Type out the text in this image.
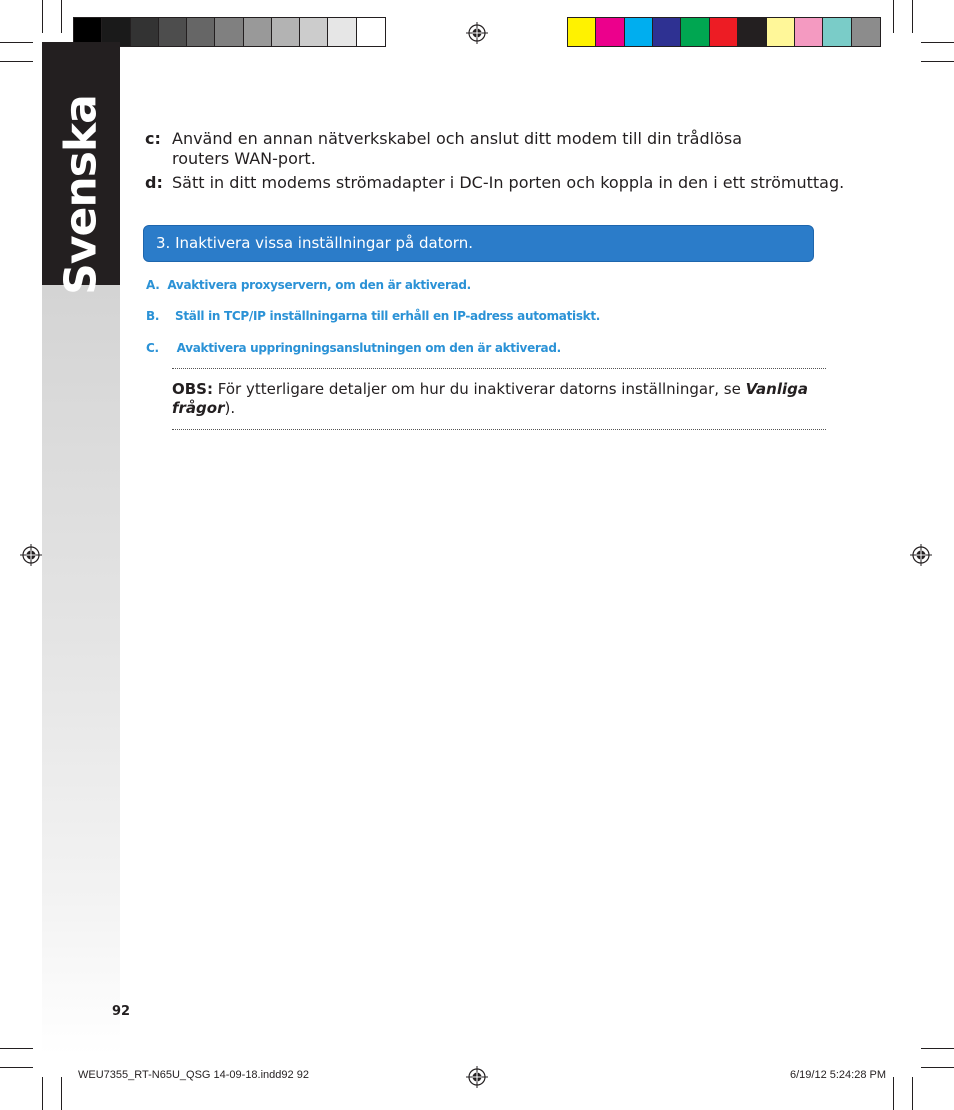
Svenska c: Använd en annan nätverkskabel och anslut ditt modem till din trådlösa routers WAN-port.
d: Sätt in ditt modems strömadapter i DC-In porten och koppla in den i ett strömuttag.
3. Inaktivera vissa inställningar på datorn.
A. Avaktivera proxyservern, om den är aktiverad.
B. Ställ in TCP/IP inställningarna till erhåll en IP-adress automatiskt.
C. Avaktivera uppringningsanslutningen om den är aktiverad.
OBS: För ytterligare detaljer om hur du inaktiverar datorns inställningar, se Vanliga frågor).
92
WEU7355_RT-N65U_QSG 14-09-18.indd92 92	6/19/12 5:24:28 PM
